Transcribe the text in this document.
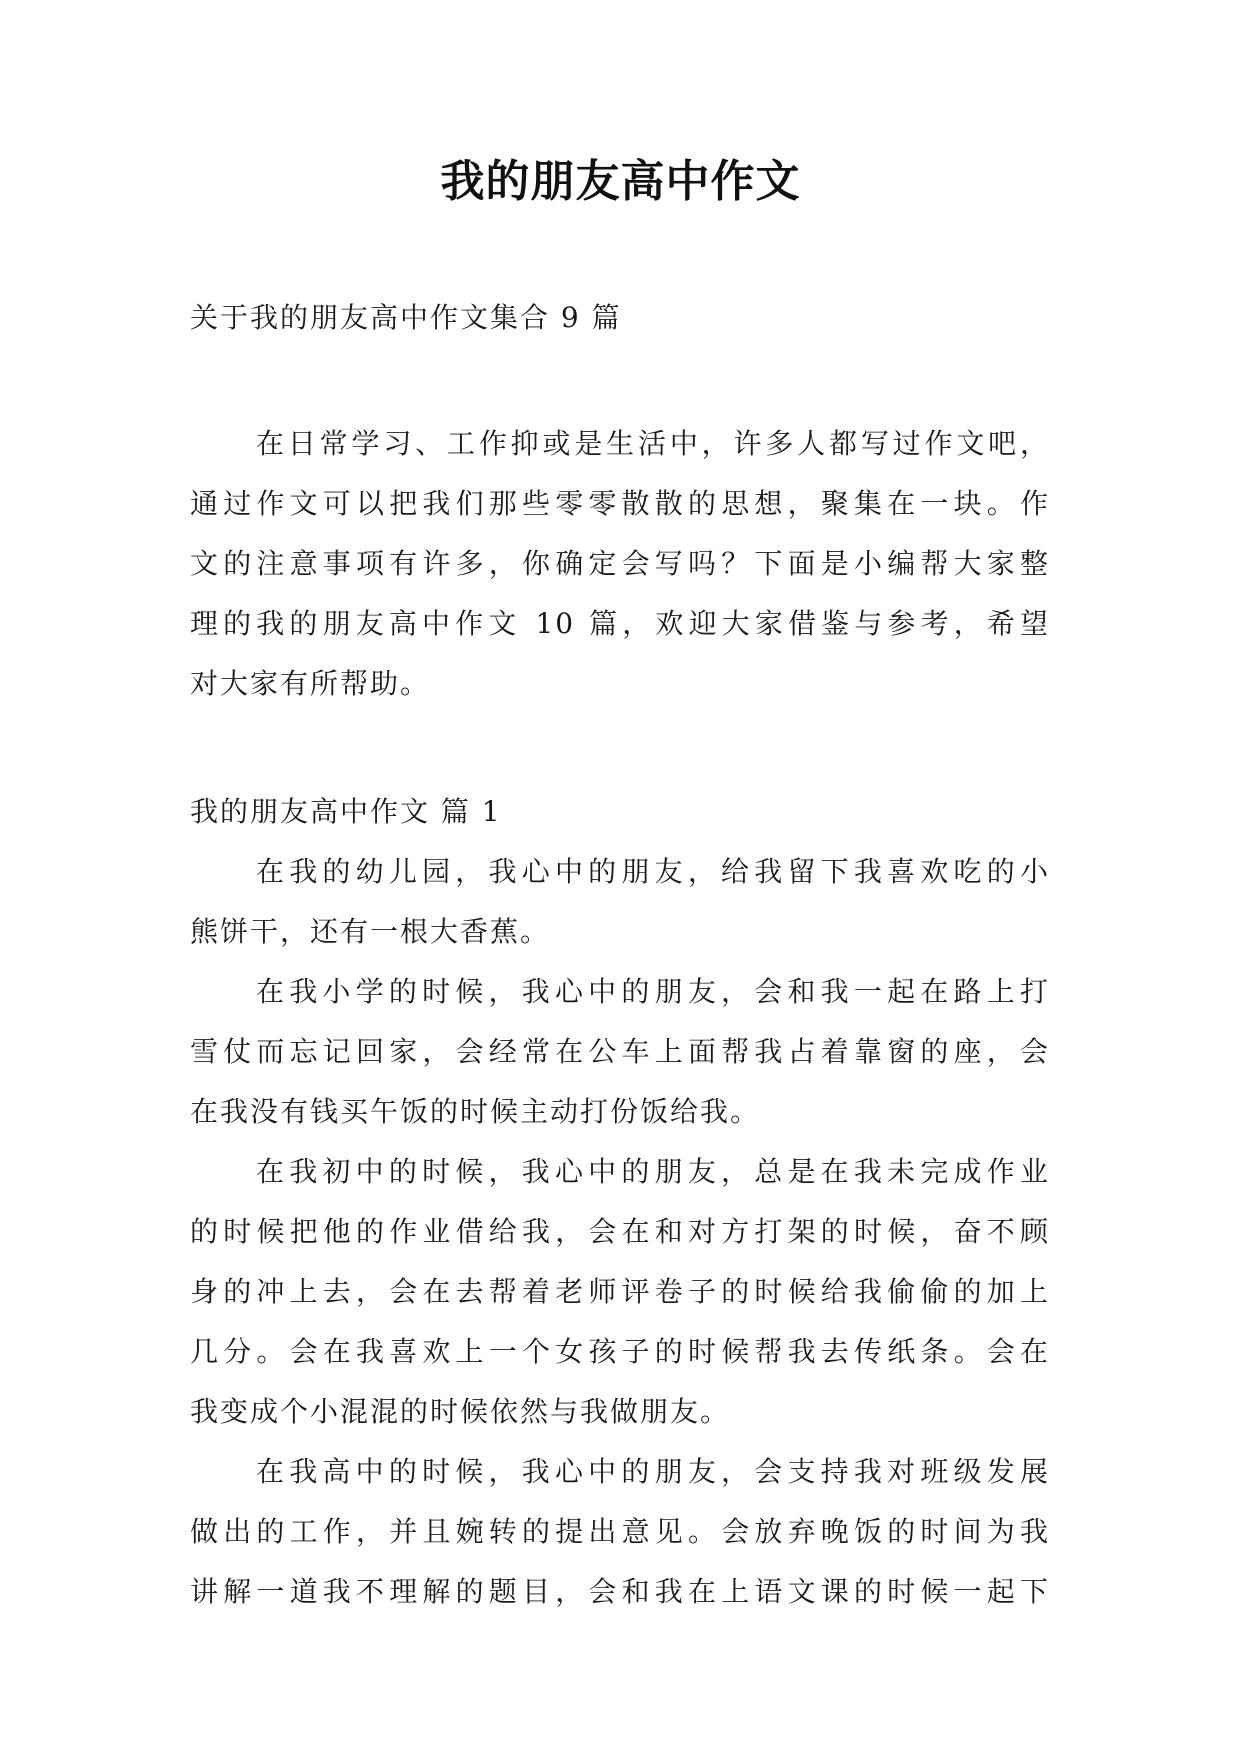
我的朋友高中作文
关于我的朋友高中作文集合 9 篇
在日常学习、工作抑或是生活中，许多人都写过作文吧，
通过作文可以把我们那些零零散散的思想，聚集在一块。作
文的注意事项有许多，你确定会写吗？下面是小编帮大家整
理的我的朋友高中作文 10 篇，欢迎大家借鉴与参考，希望
对大家有所帮助。
我的朋友高中作文 篇 1
在我的幼儿园，我心中的朋友，给我留下我喜欢吃的小
熊饼干，还有一根大香蕉。
在我小学的时候，我心中的朋友，会和我一起在路上打
雪仗而忘记回家，会经常在公车上面帮我占着靠窗的座，会
在我没有钱买午饭的时候主动打份饭给我。
在我初中的时候，我心中的朋友，总是在我未完成作业
的时候把他的作业借给我，会在和对方打架的时候，奋不顾
身的冲上去，会在去帮着老师评卷子的时候给我偷偷的加上
几分。会在我喜欢上一个女孩子的时候帮我去传纸条。会在
我变成个小混混的时候依然与我做朋友。
在我高中的时候，我心中的朋友，会支持我对班级发展
做出的工作，并且婉转的提出意见。会放弃晚饭的时间为我
讲解一道我不理解的题目，会和我在上语文课的时候一起下
